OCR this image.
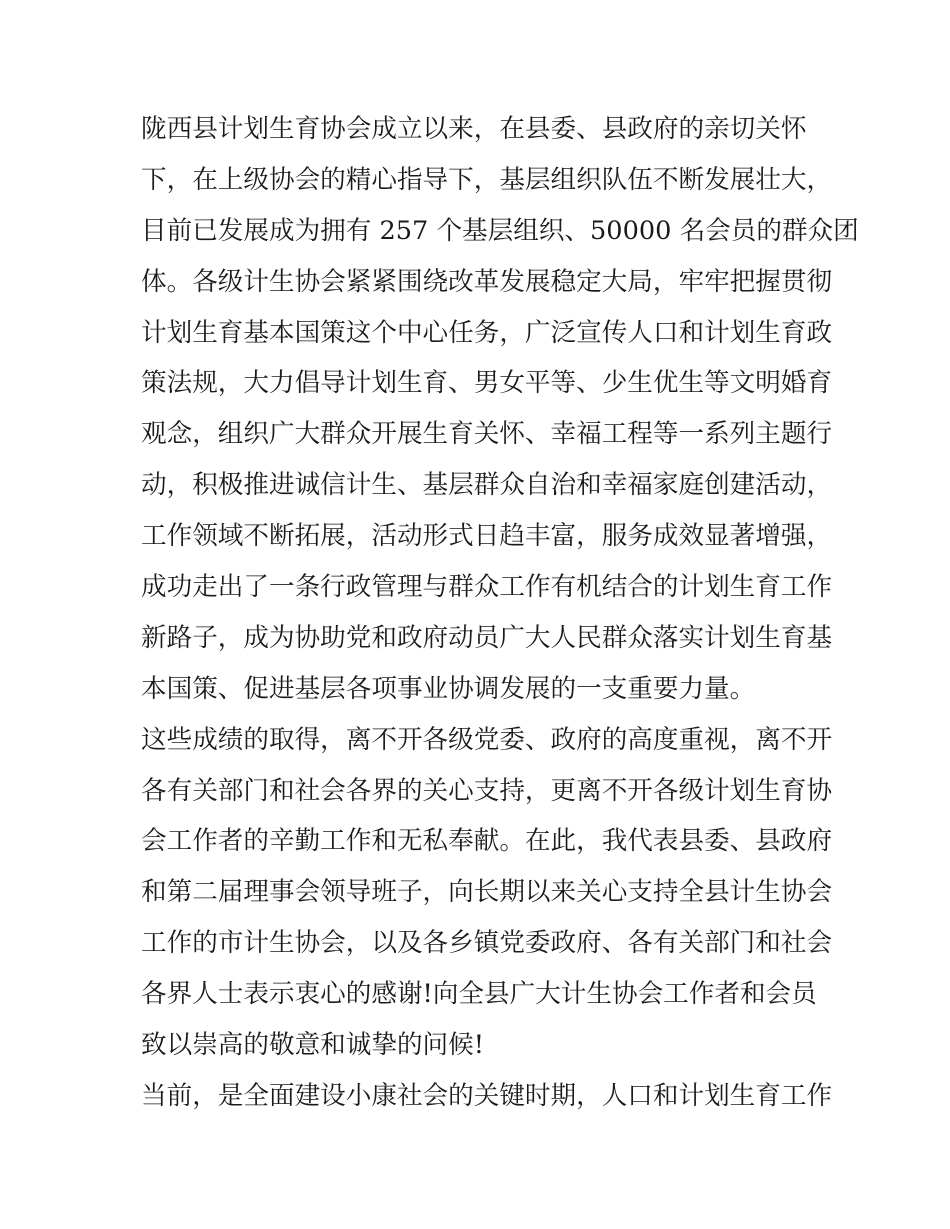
陇西县计划生育协会成立以来，在县委、县政府的亲切关怀
下，在上级协会的精心指导下，基层组织队伍不断发展壮大，
目前已发展成为拥有 257 个基层组织、50000 名会员的群众团
体。各级计生协会紧紧围绕改革发展稳定大局，牢牢把握贯彻
计划生育基本国策这个中心任务，广泛宣传人口和计划生育政
策法规，大力倡导计划生育、男女平等、少生优生等文明婚育
观念，组织广大群众开展生育关怀、幸福工程等一系列主题行
动，积极推进诚信计生、基层群众自治和幸福家庭创建活动，
工作领域不断拓展，活动形式日趋丰富，服务成效显著增强，
成功走出了一条行政管理与群众工作有机结合的计划生育工作
新路子，成为协助党和政府动员广大人民群众落实计划生育基
本国策、促进基层各项事业协调发展的一支重要力量。
这些成绩的取得，离不开各级党委、政府的高度重视，离不开
各有关部门和社会各界的关心支持，更离不开各级计划生育协
会工作者的辛勤工作和无私奉献。在此，我代表县委、县政府
和第二届理事会领导班子，向长期以来关心支持全县计生协会
工作的市计生协会，以及各乡镇党委政府、各有关部门和社会
各界人士表示衷心的感谢!向全县广大计生协会工作者和会员
致以崇高的敬意和诚挚的问候!
当前，是全面建设小康社会的关键时期，人口和计划生育工作
